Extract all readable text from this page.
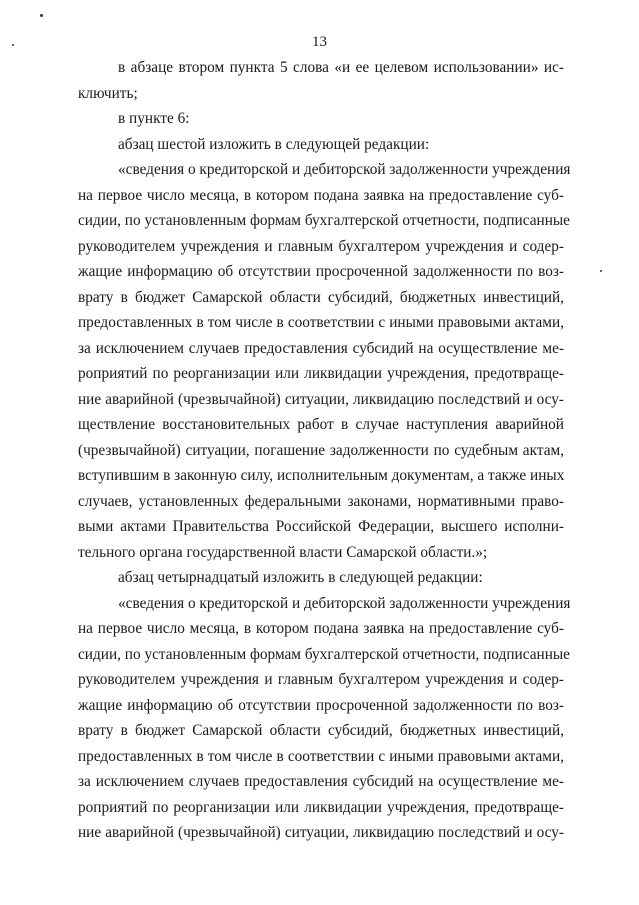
13
в абзаце втором пункта 5 слова «и ее целевом использовании» ис-
ключить;
в пункте 6:
абзац шестой изложить в следующей редакции:
«сведения о кредиторской и дебиторской задолженности учреждения
на первое число месяца, в котором подана заявка на предоставление суб-
сидии, по установленным формам бухгалтерской отчетности, подписанные
руководителем учреждения и главным бухгалтером учреждения и содер-
жащие информацию об отсутствии просроченной задолженности по воз-
врату в бюджет Самарской области субсидий, бюджетных инвестиций,
предоставленных в том числе в соответствии с иными правовыми актами,
за исключением случаев предоставления субсидий на осуществление ме-
роприятий по реорганизации или ликвидации учреждения, предотвраще-
ние аварийной (чрезвычайной) ситуации, ликвидацию последствий и осу-
ществление восстановительных работ в случае наступления аварийной
(чрезвычайной) ситуации, погашение задолженности по судебным актам,
вступившим в законную силу, исполнительным документам, а также иных
случаев, установленных федеральными законами, нормативными право-
выми актами Правительства Российской Федерации, высшего исполни-
тельного органа государственной власти Самарской области.»;
абзац четырнадцатый изложить в следующей редакции:
«сведения о кредиторской и дебиторской задолженности учреждения
на первое число месяца, в котором подана заявка на предоставление суб-
сидии, по установленным формам бухгалтерской отчетности, подписанные
руководителем учреждения и главным бухгалтером учреждения и содер-
жащие информацию об отсутствии просроченной задолженности по воз-
врату в бюджет Самарской области субсидий, бюджетных инвестиций,
предоставленных в том числе в соответствии с иными правовыми актами,
за исключением случаев предоставления субсидий на осуществление ме-
роприятий по реорганизации или ликвидации учреждения, предотвраще-
ние аварийной (чрезвычайной) ситуации, ликвидацию последствий и осу-
